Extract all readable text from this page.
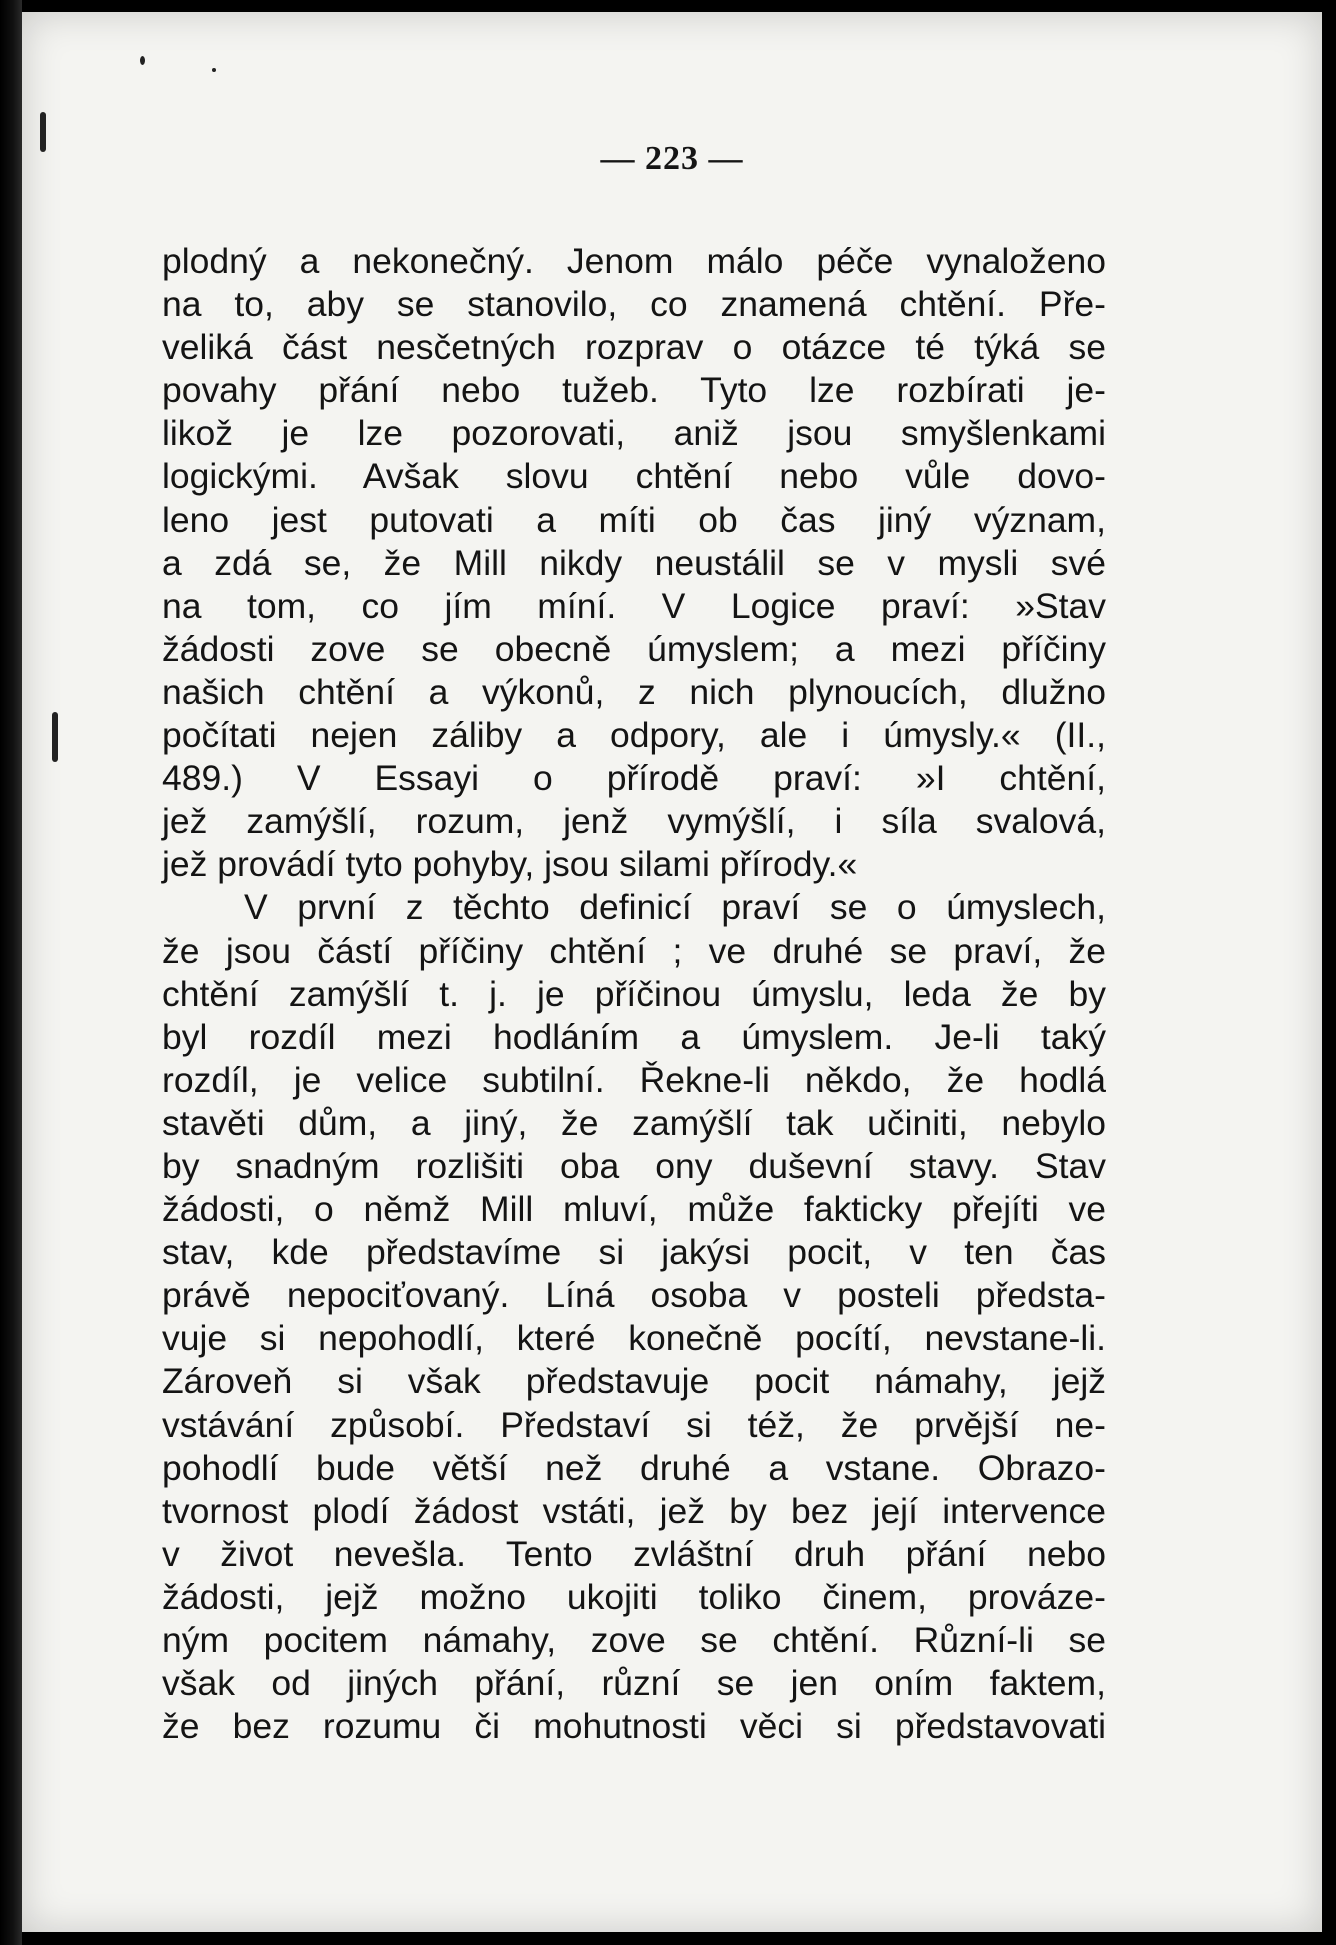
— 223 —
plodný a nekonečný. Jenom málo péče vynaloženo
na to, aby se stanovilo, co znamená chtění. Pře-
veliká část nesčetných rozprav o otázce té týká se
povahy přání nebo tužeb. Tyto lze rozbírati je-
likož je lze pozorovati, aniž jsou smyšlenkami
logickými. Avšak slovu chtění nebo vůle dovo-
leno jest putovati a míti ob čas jiný význam,
a zdá se, že Mill nikdy neustálil se v mysli své
na tom, co jím míní. V Logice praví: »Stav
žádosti zove se obecně úmyslem; a mezi příčiny
našich chtění a výkonů, z nich plynoucích, dlužno
počítati nejen záliby a odpory, ale i úmysly.« (II.,
489.) V Essayi o přírodě praví: »I chtění,
jež zamýšlí, rozum, jenž vymýšlí, i síla svalová,
jež provádí tyto pohyby, jsou silami přírody.«
V první z těchto definicí praví se o úmyslech,
že jsou částí příčiny chtění ; ve druhé se praví, že
chtění zamýšlí t. j. je příčinou úmyslu, leda že by
byl rozdíl mezi hodláním a úmyslem. Je-li taký
rozdíl, je velice subtilní. Řekne-li někdo, že hodlá
stavěti dům, a jiný, že zamýšlí tak učiniti, nebylo
by snadným rozlišiti oba ony duševní stavy. Stav
žádosti, o němž Mill mluví, může fakticky přejíti ve
stav, kde představíme si jakýsi pocit, v ten čas
právě nepociťovaný. Líná osoba v posteli předsta-
vuje si nepohodlí, které konečně pocítí, nevstane-li.
Zároveň si však představuje pocit námahy, jejž
vstávání způsobí. Představí si též, že prvější ne-
pohodlí bude větší než druhé a vstane. Obrazo-
tvornost plodí žádost vstáti, jež by bez její intervence
v život nevešla. Tento zvláštní druh přání nebo
žádosti, jejž možno ukojiti toliko činem, prováze-
ným pocitem námahy, zove se chtění. Různí-li se
však od jiných přání, různí se jen oním faktem,
že bez rozumu či mohutnosti věci si představovati
